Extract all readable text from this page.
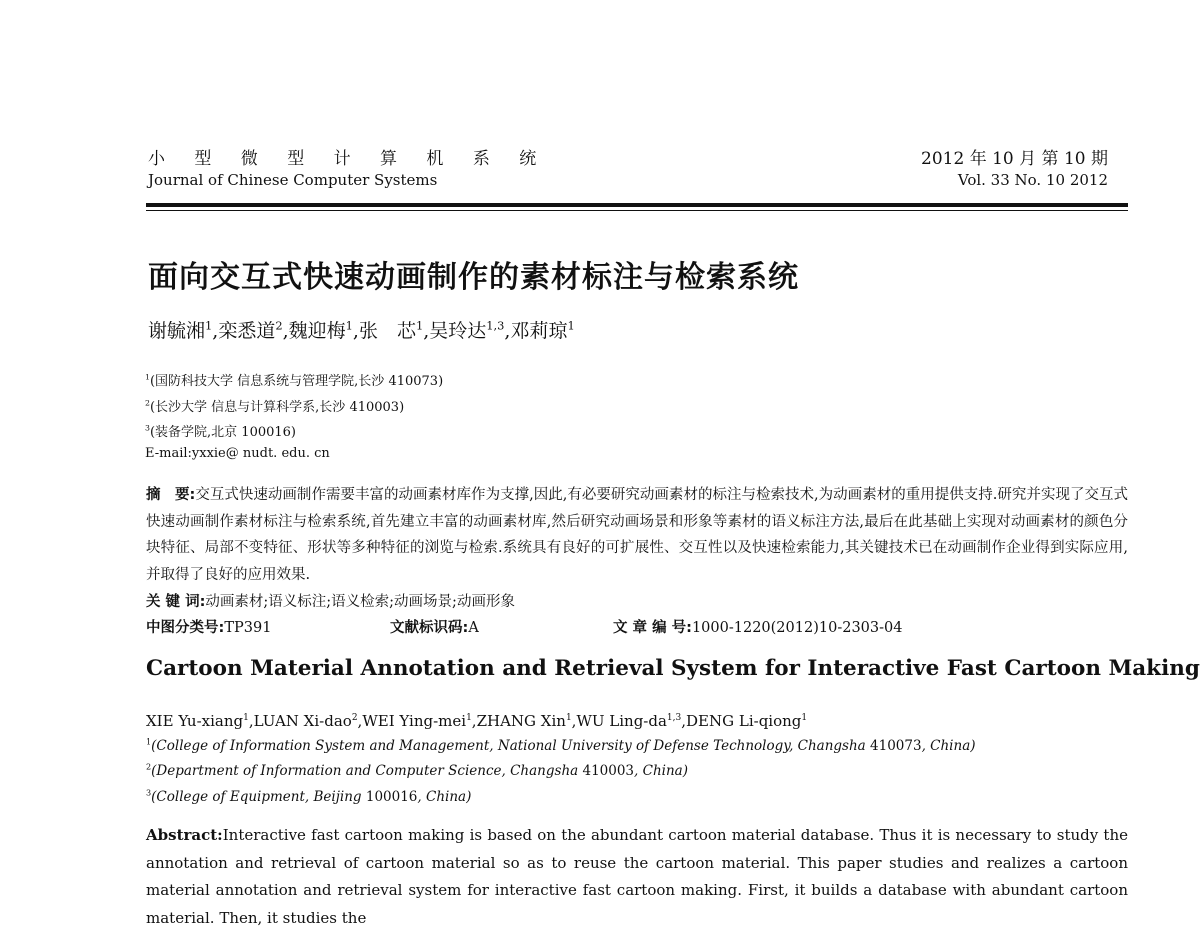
小 型 微 型 计 算 机 系 统
Journal of Chinese Computer Systems
2012 年 10 月 第 10 期
Vol. 33 No. 10 2012
面向交互式快速动画制作的素材标注与检索系统
谢毓湘$^1$,栾悉道$^2$,魏迎梅$^1$,张　芯$^1$,吴玲达$^{1,3}$,邓莉琼$^1$
$^1$(国防科技大学 信息系统与管理学院,长沙 410073)
$^2$(长沙大学 信息与计算科学系,长沙 410003)
$^3$(装备学院,北京 100016)
E-mail:yxxie@ nudt. edu. cn
摘　要:交互式快速动画制作需要丰富的动画素材库作为支撑,因此,有必要研究动画素材的标注与检索技术,为动画素材的重用提供支持.研究并实现了交互式快速动画制作素材标注与检索系统,首先建立丰富的动画素材库,然后研究动画场景和形象等素材的语义标注方法,最后在此基础上实现对动画素材的颜色分块特征、局部不变特征、形状等多种特征的浏览与检索.系统具有良好的可扩展性、交互性以及快速检索能力,其关键技术已在动画制作企业得到实际应用,并取得了良好的应用效果.
关 键 词:动画素材;语义标注;语义检索;动画场景;动画形象
中图分类号:TP391	文献标识码:A	文 章 编 号:1000-1220(2012)10-2303-04
Cartoon Material Annotation and Retrieval System for Interactive Fast Cartoon Making
XIE Yu-xiang$^1$,LUAN Xi-dao$^2$,WEI Ying-mei$^1$,ZHANG Xin$^1$,WU Ling-da$^{1,3}$,DENG Li-qiong$^1$
$^1$(College of Information System and Management, National University of Defense Technology, Changsha 410073, China)
$^2$(Department of Information and Computer Science, Changsha 410003, China)
$^3$(College of Equipment, Beijing 100016, China)
Abstract:Interactive fast cartoon making is based on the abundant cartoon material database. Thus it is necessary to study the annotation and retrieval of cartoon material so as to reuse the cartoon material. This paper studies and realizes a cartoon material annotation and retrieval system for interactive fast cartoon making. First, it builds a database with abundant cartoon material. Then, it studies the
